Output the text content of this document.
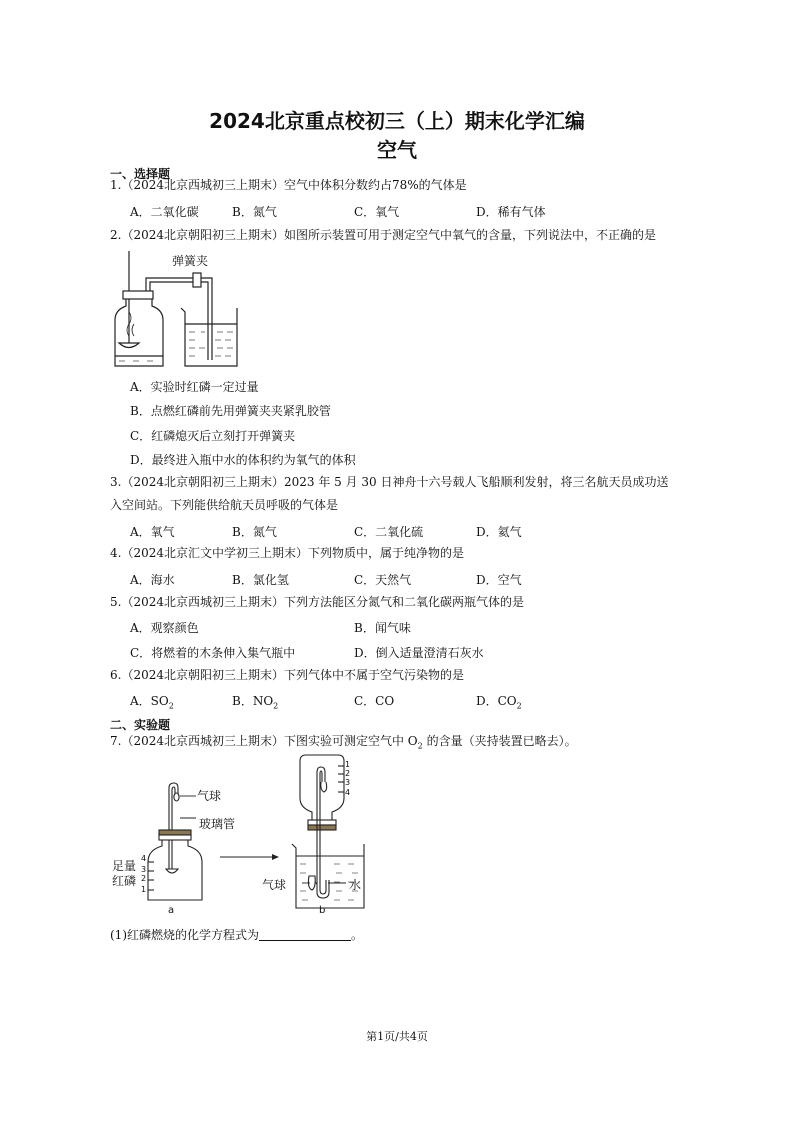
2024北京重点校初三（上）期末化学汇编
空气
一、选择题
1.（2024北京西城初三上期末）空气中体积分数约占78%的气体是
A．二氧化碳	B．氮气	C．氧气	D．稀有气体
2.（2024北京朝阳初三上期末）如图所示装置可用于测定空气中氧气的含量，下列说法中，不正确的是
弹簧夹
A．实验时红磷一定过量
B．点燃红磷前先用弹簧夹夹紧乳胶管
C．红磷熄灭后立刻打开弹簧夹
D．最终进入瓶中水的体积约为氧气的体积
3.（2024北京朝阳初三上期末）2023 年 5 月 30 日神舟十六号载人飞船顺利发射，将三名航天员成功送
入空间站。下列能供给航天员呼吸的气体是
A．氧气	B．氮气	C．二氧化硫	D．氦气
4.（2024北京汇文中学初三上期末）下列物质中，属于纯净物的是
A．海水	B．氯化氢	C．天然气	D．空气
5.（2024北京西城初三上期末）下列方法能区分氮气和二氧化碳两瓶气体的是
A．观察颜色	B．闻气味
C．将燃着的木条伸入集气瓶中	D．倒入适量澄清石灰水
6.（2024北京朝阳初三上期末）下列气体中不属于空气污染物的是
A．$SO_2$	B．$NO_2$	C．CO	D．$CO_2$
二、实验题
7.（2024北京西城初三上期末）下图实验可测定空气中 $O_2$ 的含量（夹持装置已略去）。
4
3
2
1
气球
玻璃管
足量
红磷
a
1
2
3
4
气球	水
b
(1)红磷燃烧的化学方程式为	。
第1页/共4页
